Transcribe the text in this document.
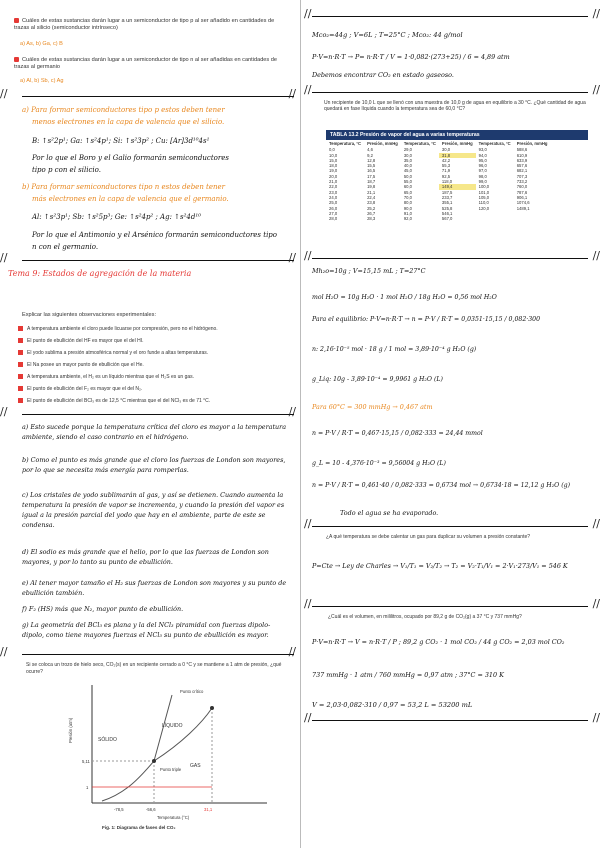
Cuáles de estas sustancias darán lugar a un semiconductor de tipo p al ser añadido en cantidades de trazas al silicio (semiconductor intrínseco)
a) As, b) Ga, c) B
Cuáles de estas sustancias darán lugar a un semiconductor de tipo n al ser añadidas en cantidades de trazas al germanio
a) Al, b) Sb, c) Ag
//	//
a) Para formar semiconductores tipo p estos deben tener
menos electrones en la capa de valencia que el silicio.
B: ↑s²2p¹; Ga: ↑s²4p¹; Si: ↑s²3p² ; Cu: [Ar]3d¹⁰4s¹
Por lo que el Boro y el Galio formarán semiconductores
tipo p con el silicio.
b) Para formar semiconductores tipo n estos deben tener
más electrones en la capa de valencia que el germanio.
Al: ↑s²3p¹; Sb: ↑s²5p³; Ge: ↑s²4p² ; Ag: ↑s²4d¹⁰
Por lo que el Antimonio y el Arsénico formarán semiconductores tipo
n con el germanio.
//	//
Tema 9: Estados de agregación de la materia
Explicar las siguientes observaciones experimentales:
A temperatura ambiente el cloro puede licuarse por compresión, pero no el hidrógeno.
El punto de ebullición del HF es mayor que el del HI.
El yodo sublima a presión atmosférica normal y el oro funde a altas temperaturas.
El Na posee un mayor punto de ebullición que el He.
A temperatura ambiente, el H₂ es un líquido mientras que el H₂S es un gas.
El punto de ebullición del F₂ es mayor que el del N₂.
El punto de ebullición del BCl₃ es de 12,5 °C mientras que el del NCl₃ es de 71 °C.
//	//
a) Esto sucede porque la temperatura crítica del cloro es mayor a la temperatura ambiente, siendo el caso contrario en el hidrógeno.
b) Como el punto es más grande que el cloro los fuerzas de London son mayores, por lo que se necesita más energía para romperlas.
c) Los cristales de yodo sublimarán al gas, y así se detienen. Cuando aumenta la temperatura la presión de vapor se incrementa, y cuando la presión del vapor es igual a la presión parcial del yodo que hay en el ambiente, parte de este se condensa.
d) El sodio es más grande que el helio, por lo que las fuerzas de London son mayores, y por lo tanto su punto de ebullición.
e) Al tener mayor tamaño el H₂ sus fuerzas de London son mayores y su punto de ebullición también.
f) F₂ (HS) más que N₂, mayor punto de ebullición.
g) La geometría del BCl₃ es plana y la del NCl₃ piramidal con fuerzas dipolo-dipolo, como tiene mayores fuerzas el NCl₃ su punto de ebullición es mayor.
//	//
Si se coloca un trozo de hielo seco, CO₂(s) en un recipiente cerrado a 0 °C y se mantiene a 1 atm de presión, ¿qué ocurre?
SÓLIDO
LÍQUIDO
GAS
Punto triple
Punto crítico
5,11
1
-78,5	-56,6	31,1
Presión (atm)
Temperatura (°C)
Fig. 1: Diagrama de fases del CO₂
//	//
Mco₂=44g ; V=6L ; T=25°C ; Mco₂: 44 g/mol
P·V=n·R·T → P= n·R·T / V = 1·0,082·(273+25) / 6 = 4,89 atm
Debemos encontrar CO₂ en estado gaseoso.
//	//
Un recipiente de 10,0 L que se llenó con una muestra de 10,0 g de agua en equilibrio a 30 °C. ¿Qué cantidad de agua quedará en fase líquida cuando la temperatura sea de 60,0 °C?
TABLA 13.2 Presión de vapor del agua a varias temperaturas
Temperatura, °C	Presión, mmHg	Temperatura, °C	Presión, mmHg	Temperatura, °C	Presión, mmHg
0,0	4,6	29,0	30,0	93,0	588,6
10,0	9,2	30,0	31,8	94,0	610,9
15,0	12,8	35,0	42,2	95,0	633,9
18,0	15,5	40,0	55,3	96,0	657,6
19,0	16,5	45,0	71,9	97,0	682,1
20,0	17,5	50,0	92,5	98,0	707,3
21,0	18,7	55,0	118,0	99,0	733,2
22,0	19,8	60,0	149,4	100,0	760,0
23,0	21,1	65,0	187,5	101,0	787,6
24,0	22,4	70,0	233,7	105,0	906,1
25,0	23,8	80,0	355,1	110,0	1074,6
26,0	25,2	90,0	525,8	120,0	1489,1
27,0	26,7	91,0	546,1		
28,0	28,3	92,0	567,0		
//	//
Mh₂o=10g ; V=15,15 mL ; T=27°C
mol H₂O = 10g H₂O · 1 mol H₂O / 18g H₂O = 0,56 mol H₂O
Para el equilibrio: P·V=n·R·T → n = P·V / R·T = 0,0351·15,15 / 0,082·300
n: 2,16·10⁻⁵ mol · 18 g / 1 mol = 3,89·10⁻⁴ g H₂O (g)
g_Liq: 10g - 3,89·10⁻⁴ = 9,9961 g H₂O (L)
Para 60°C = 300 mmHg → 0,467 atm
n = P·V / R·T = 0,467·15,15 / 0,082·333 = 24,44 mmol
g_L = 10 - 4,376·10⁻³ = 9,56004 g H₂O (L)
n = P·V / R·T = 0,461·40 / 0,082·333 = 0,6734 mol → 0,6734·18 = 12,12 g H₂O (g)
Todo el agua se ha evaporado.
//	//
¿A qué temperatura se debe calentar un gas para duplicar su volumen a presión constante?
P=Cte → Ley de Charles → V₁/T₁ = V₂/T₂ → T₂ = V₂·T₁/V₁ = 2·V₁·273/V₁ = 546 K
//	//
¿Cuál es el volumen, en mililitros, ocupado por 89,2 g de CO₂(g) a 37 °C y 737 mmHg?
P·V=n·R·T → V = n·R·T / P ; 89,2 g CO₂ · 1 mol CO₂ / 44 g CO₂ = 2,03 mol CO₂
737 mmHg · 1 atm / 760 mmHg = 0,97 atm ; 37°C = 310 K
V = 2,03·0,082·310 / 0,97 = 53,2 L = 53200 mL
//	//
